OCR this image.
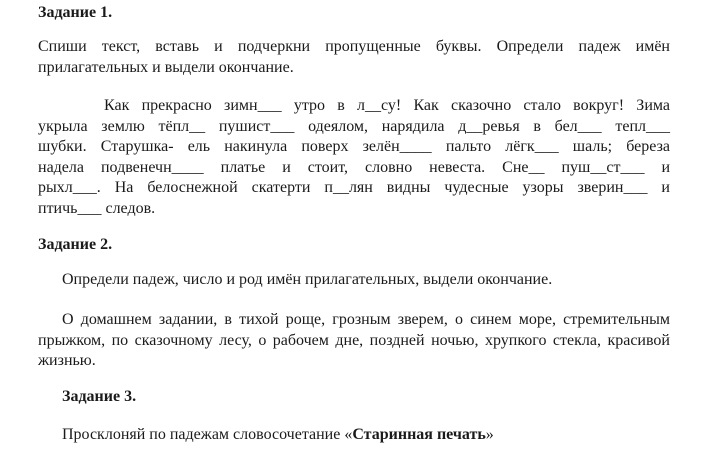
Задание 1.

Спиши текст, вставь и подчеркни пропущенные буквы. Определи падеж имён прилагательных и выдели окончание.

Как прекрасно зимн___ утро в л__су! Как сказочно стало вокруг! Зима
укрыла землю тёпл__ пушист___ одеялом, нарядила д__ревья в бел___ тепл___
шубки. Старушка- ель накинула поверх зелён____ пальто лёгк___ шаль; береза
надела подвенечн____ платье и стоит, словно невеста. Сне__ пуш__ст___ и
рыхл___. На белоснежной скатерти п__лян видны чудесные узоры зверин___ и
птичь___ следов.

Задание 2.

Определи падеж, число и род имён прилагательных, выдели окончание.

О домашнем задании, в тихой роще, грозным зверем, о синем море, стремительным прыжком, по сказочному лесу, о рабочем дне, поздней ночью, хрупкого стекла, красивой жизнью.

Задание 3.

Просклоняй по падежам словосочетание «Старинная печать»
